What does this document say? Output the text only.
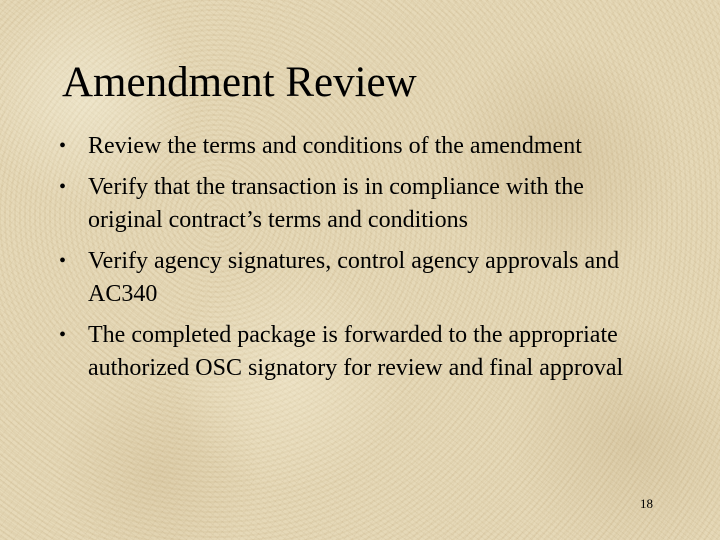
Amendment Review
• Review the terms and conditions of the amendment
• Verify that the transaction is in compliance with the original contract’s terms and conditions
• Verify agency signatures, control agency approvals and AC340
• The completed package is forwarded to the appropriate authorized OSC signatory for review and final approval
18
